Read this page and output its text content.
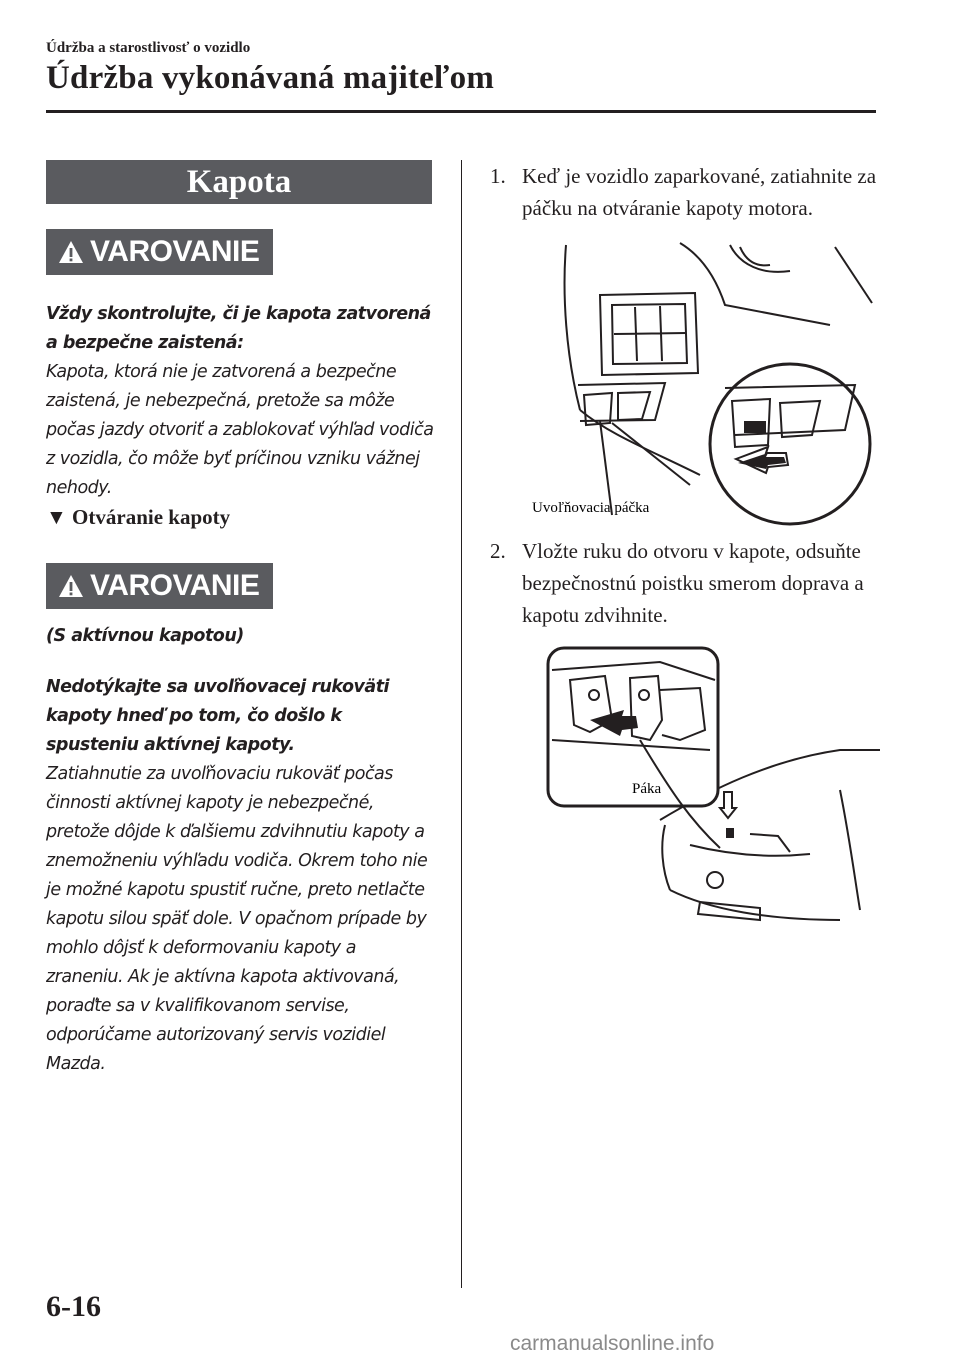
Údržba a starostlivosť o vozidlo
Údržba vykonávaná majiteľom
Kapota
VAROVANIE
Vždy skontrolujte, či je kapota zatvorená a bezpečne zaistená:
Kapota, ktorá nie je zatvorená a bezpečne zaistená, je nebezpečná, pretože sa môže počas jazdy otvoriť a zablokovať výhľad vodiča z vozidla, čo môže byť príčinou vzniku vážnej nehody.
▼ Otváranie kapoty
VAROVANIE
(S aktívnou kapotou)

Nedotýkajte sa uvoľňovacej rukoväti kapoty hneď po tom, čo došlo k spusteniu aktívnej kapoty.
Zatiahnutie za uvoľňovaciu rukoväť počas činnosti aktívnej kapoty je nebezpečné, pretože dôjde k ďalšiemu zdvihnutiu kapoty a znemožneniu výhľadu vodiča. Okrem toho nie je možné kapotu spustiť ručne, preto netlačte kapotu silou späť dole. V opačnom prípade by mohlo dôjsť k deformovaniu kapoty a zraneniu. Ak je aktívna kapota aktivovaná, poraďte sa v kvalifikovanom servise, odporúčame autorizovaný servis vozidiel Mazda.
1. Keď je vozidlo zaparkované, zatiahnite za páčku na otváranie kapoty motora.
Uvoľňovacia páčka
2. Vložte ruku do otvoru v kapote, odsuňte bezpečnostnú poistku smerom doprava a kapotu zdvihnite.
Páka
6-16
carmanualsonline.info
